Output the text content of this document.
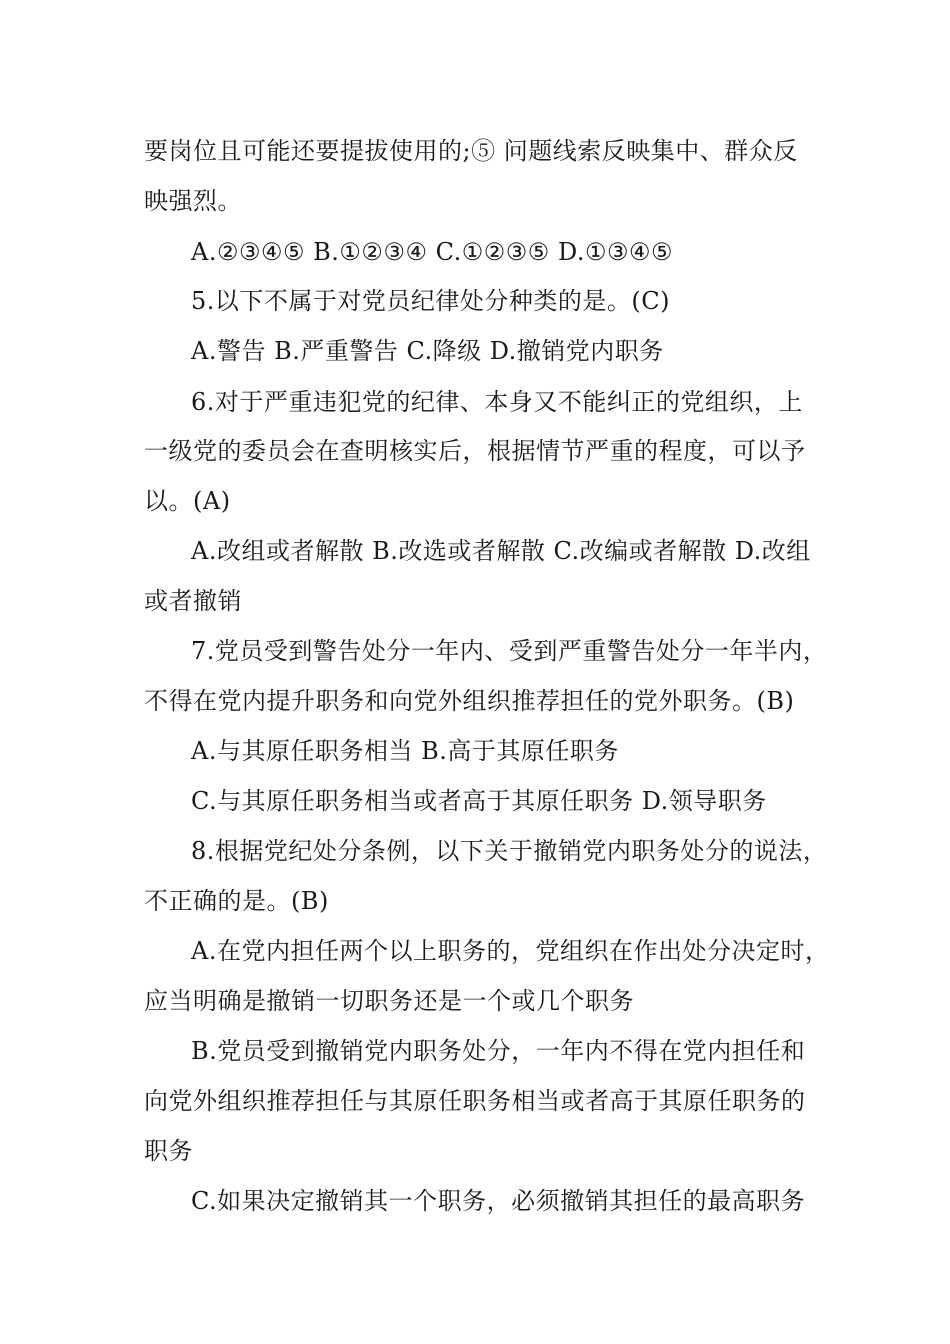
要岗位且可能还要提拔使用的;⑤ 问题线索反映集中、群众反
映强烈。
A.②③④⑤ B.①②③④ C.①②③⑤ D.①③④⑤
5.以下不属于对党员纪律处分种类的是。(C)
A.警告 B.严重警告 C.降级 D.撤销党内职务
6.对于严重违犯党的纪律、本身又不能纠正的党组织，上
一级党的委员会在查明核实后，根据情节严重的程度，可以予
以。(A)
A.改组或者解散 B.改选或者解散 C.改编或者解散 D.改组
或者撤销
7.党员受到警告处分一年内、受到严重警告处分一年半内，
不得在党内提升职务和向党外组织推荐担任的党外职务。(B)
A.与其原任职务相当 B.高于其原任职务
C.与其原任职务相当或者高于其原任职务 D.领导职务
8.根据党纪处分条例，以下关于撤销党内职务处分的说法，
不正确的是。(B)
A.在党内担任两个以上职务的，党组织在作出处分决定时，
应当明确是撤销一切职务还是一个或几个职务
B.党员受到撤销党内职务处分，一年内不得在党内担任和
向党外组织推荐担任与其原任职务相当或者高于其原任职务的
职务
C.如果决定撤销其一个职务，必须撤销其担任的最高职务
